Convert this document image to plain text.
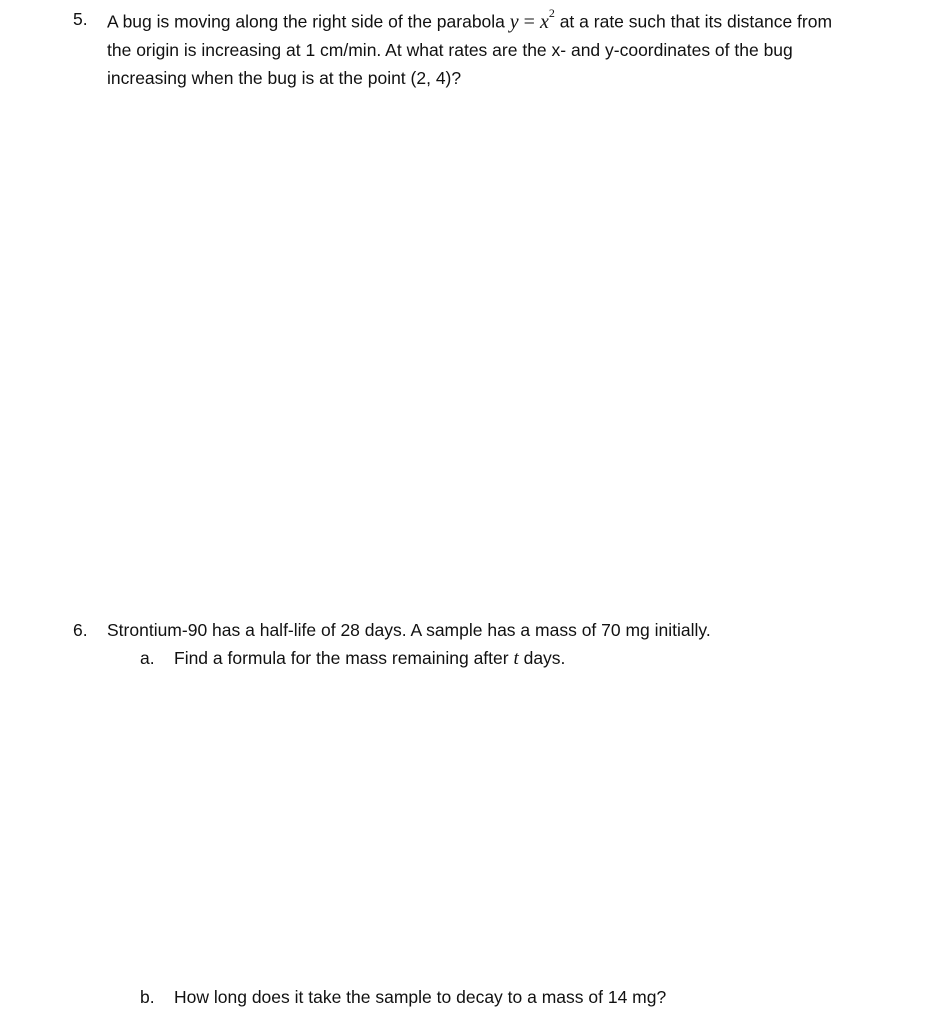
5. A bug is moving along the right side of the parabola $y = x^2$ at a rate such that its distance from
the origin is increasing at 1 cm/min. At what rates are the x- and y-coordinates of the bug
increasing when the bug is at the point (2, 4)?
6. Strontium-90 has a half-life of 28 days. A sample has a mass of 70 mg initially.
a. Find a formula for the mass remaining after t days.
b. How long does it take the sample to decay to a mass of 14 mg?
